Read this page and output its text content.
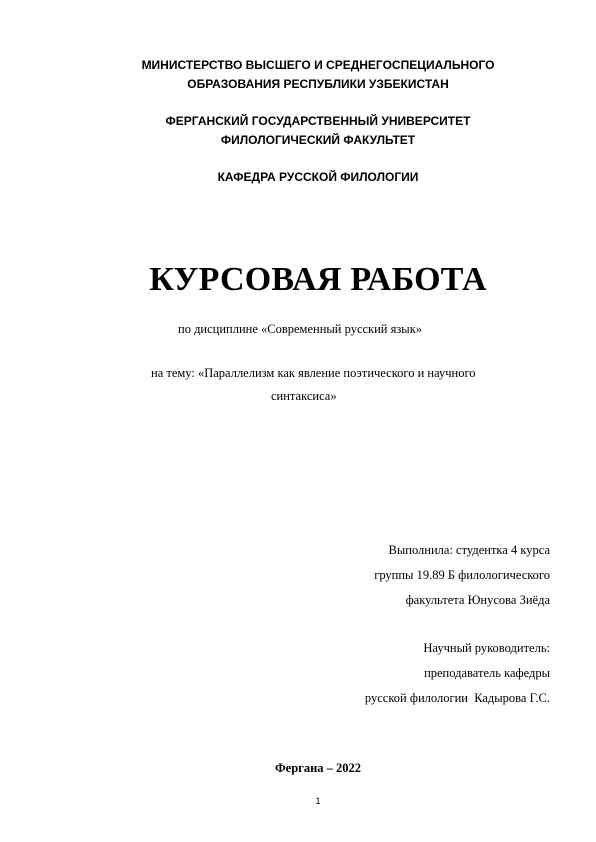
МИНИСТЕРСТВО ВЫСШЕГО И СРЕДНЕГОСПЕЦИАЛЬНОГО
ОБРАЗОВАНИЯ РЕСПУБЛИКИ УЗБЕКИСТАН
ФЕРГАНСКИЙ ГОСУДАРСТВЕННЫЙ УНИВЕРСИТЕТ
ФИЛОЛОГИЧЕСКИЙ ФАКУЛЬТЕТ
КАФЕДРА РУССКОЙ ФИЛОЛОГИИ
КУРСОВАЯ РАБОТА
по дисциплине «Современный русский язык»
на тему: «Параллелизм как явление поэтического и научного
синтаксиса»
Выполнила: студентка 4 курса
группы 19.89 Б филологического
факультета Юнусова Зиёда
Научный руководитель:
преподаватель кафедры
русской филологии  Кадырова Г.С.
Фергана – 2022
1
